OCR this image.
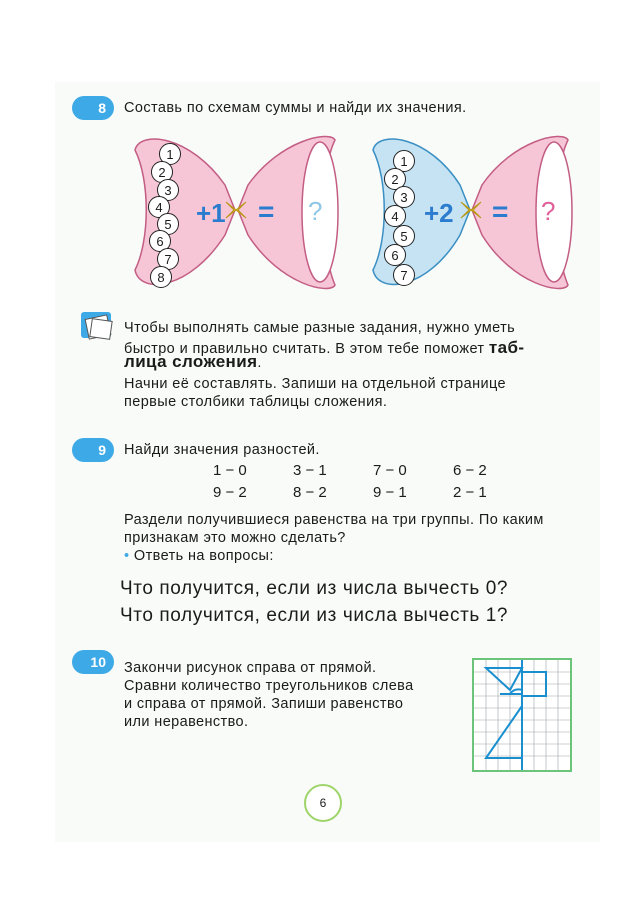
8 Составь по схемам суммы и найди их значения.
1
2
3
4
5
6
7
8
+1 = ?
1
2
3
4
5
6
7
+2 = ?
Чтобы выполнять самые разные задания, нужно уметь
быстро и правильно считать. В этом тебе поможет таб-
лица сложения.
Начни её составлять. Запиши на отдельной странице
первые столбики таблицы сложения.
9 Найди значения разностей.
1 − 0
9 − 2
3 − 1
8 − 2
7 − 0
9 − 1
6 − 2
2 − 1
Раздели получившиеся равенства на три группы. По каким
признакам это можно сделать?
• Ответь на вопросы:
Что получится, если из числа вычесть 0?
Что получится, если из числа вычесть 1?
10 Закончи рисунок справа от прямой.
Сравни количество треугольников слева
и справа от прямой. Запиши равенство
или неравенство.
6
